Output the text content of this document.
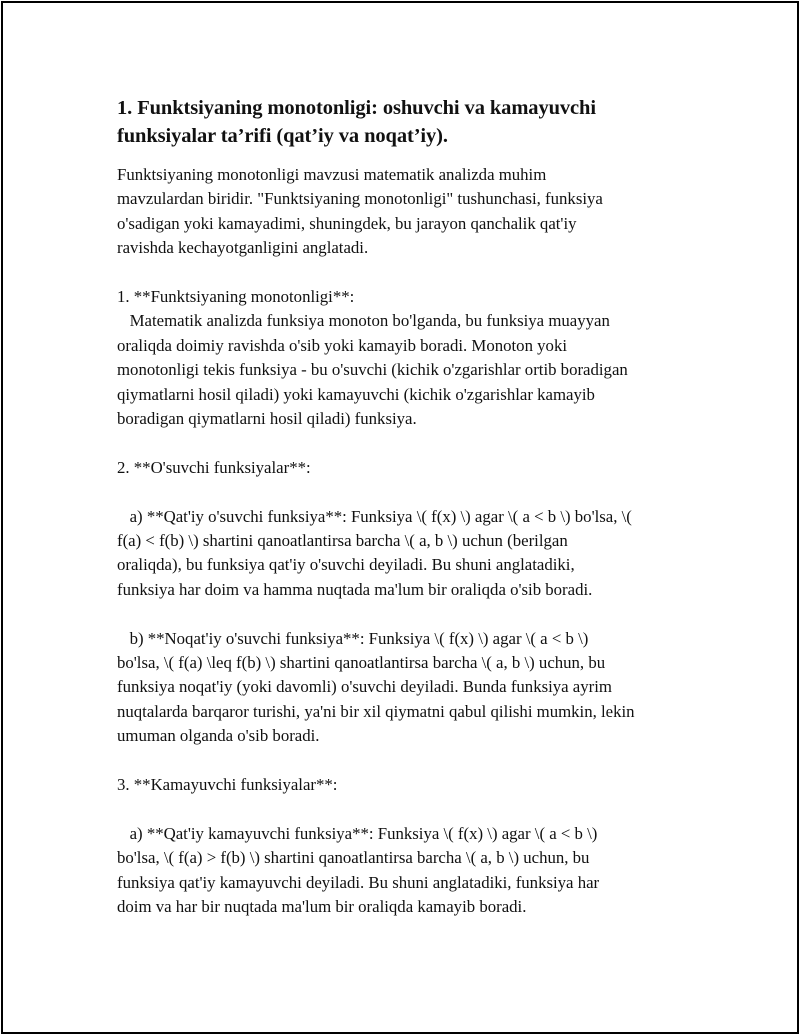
1. Funktsiyaning monotonligi: oshuvchi va kamayuvchi
funksiyalar ta’rifi (qat’iy va noqat’iy).

Funktsiyaning monotonligi mavzusi matematik analizda muhim
mavzulardan biridir. "Funktsiyaning monotonligi" tushunchasi, funksiya
o'sadigan yoki kamayadimi, shuningdek, bu jarayon qanchalik qat'iy
ravishda kechayotganligini anglatadi.

1. **Funktsiyaning monotonligi**:
Matematik analizda funksiya monoton bo'lganda, bu funksiya muayyan
oraliqda doimiy ravishda o'sib yoki kamayib boradi. Monoton yoki
monotonligi tekis funksiya - bu o'suvchi (kichik o'zgarishlar ortib boradigan
qiymatlarni hosil qiladi) yoki kamayuvchi (kichik o'zgarishlar kamayib
boradigan qiymatlarni hosil qiladi) funksiya.

2. **O'suvchi funksiyalar**:

a) **Qat'iy o'suvchi funksiya**: Funksiya \( f(x) \) agar \( a < b \) bo'lsa, \(
f(a) < f(b) \) shartini qanoatlantirsa barcha \( a, b \) uchun (berilgan
oraliqda), bu funksiya qat'iy o'suvchi deyiladi. Bu shuni anglatadiki,
funksiya har doim va hamma nuqtada ma'lum bir oraliqda o'sib boradi.

b) **Noqat'iy o'suvchi funksiya**: Funksiya \( f(x) \) agar \( a < b \)
bo'lsa, \( f(a) \leq f(b) \) shartini qanoatlantirsa barcha \( a, b \) uchun, bu
funksiya noqat'iy (yoki davomli) o'suvchi deyiladi. Bunda funksiya ayrim
nuqtalarda barqaror turishi, ya'ni bir xil qiymatni qabul qilishi mumkin, lekin
umuman olganda o'sib boradi.

3. **Kamayuvchi funksiyalar**:

a) **Qat'iy kamayuvchi funksiya**: Funksiya \( f(x) \) agar \( a < b \)
bo'lsa, \( f(a) > f(b) \) shartini qanoatlantirsa barcha \( a, b \) uchun, bu
funksiya qat'iy kamayuvchi deyiladi. Bu shuni anglatadiki, funksiya har
doim va har bir nuqtada ma'lum bir oraliqda kamayib boradi.
